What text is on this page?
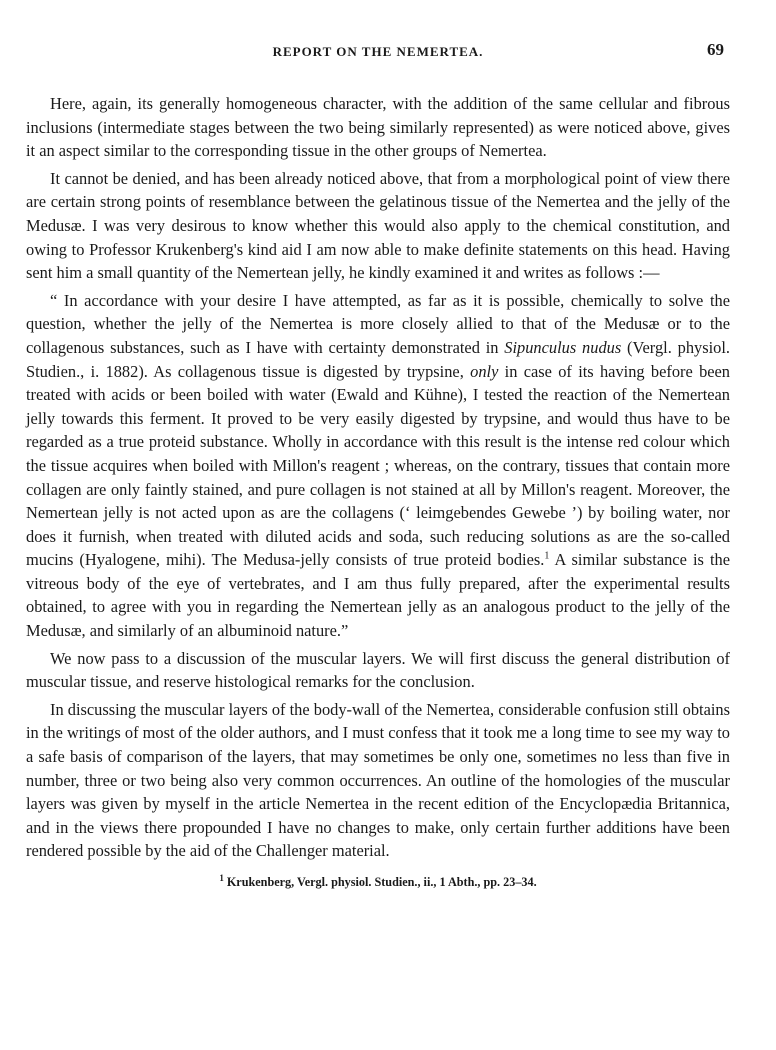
REPORT ON THE NEMERTEA.	69

Here, again, its generally homogeneous character, with the addition of the same cellular and fibrous inclusions (intermediate stages between the two being similarly represented) as were noticed above, gives it an aspect similar to the corresponding tissue in the other groups of Nemertea.

It cannot be denied, and has been already noticed above, that from a morphological point of view there are certain strong points of resemblance between the gelatinous tissue of the Nemertea and the jelly of the Medusæ. I was very desirous to know whether this would also apply to the chemical constitution, and owing to Professor Krukenberg's kind aid I am now able to make definite statements on this head. Having sent him a small quantity of the Nemertean jelly, he kindly examined it and writes as follows :—

“ In accordance with your desire I have attempted, as far as it is possible, chemically to solve the question, whether the jelly of the Nemertea is more closely allied to that of the Medusæ or to the collagenous substances, such as I have with certainty demonstrated in Sipunculus nudus (Vergl. physiol. Studien., i. 1882). As collagenous tissue is digested by trypsine, only in case of its having before been treated with acids or been boiled with water (Ewald and Kühne), I tested the reaction of the Nemertean jelly towards this ferment. It proved to be very easily digested by trypsine, and would thus have to be regarded as a true proteid substance. Wholly in accordance with this result is the intense red colour which the tissue acquires when boiled with Millon's reagent ; whereas, on the contrary, tissues that contain more collagen are only faintly stained, and pure collagen is not stained at all by Millon's reagent. Moreover, the Nemertean jelly is not acted upon as are the collagens (‘ leimgebendes Gewebe ’) by boiling water, nor does it furnish, when treated with diluted acids and soda, such reducing solutions as are the so-called mucins (Hyalogene, mihi). The Medusa-jelly consists of true proteid bodies.$^1$ A similar substance is the vitreous body of the eye of vertebrates, and I am thus fully prepared, after the experimental results obtained, to agree with you in regarding the Nemertean jelly as an analogous product to the jelly of the Medusæ, and similarly of an albuminoid nature.”

We now pass to a discussion of the muscular layers. We will first discuss the general distribution of muscular tissue, and reserve histological remarks for the conclusion.

In discussing the muscular layers of the body-wall of the Nemertea, considerable confusion still obtains in the writings of most of the older authors, and I must confess that it took me a long time to see my way to a safe basis of comparison of the layers, that may sometimes be only one, sometimes no less than five in number, three or two being also very common occurrences. An outline of the homologies of the muscular layers was given by myself in the article Nemertea in the recent edition of the Encyclopædia Britannica, and in the views there propounded I have no changes to make, only certain further additions have been rendered possible by the aid of the Challenger material.

$^1$ Krukenberg, Vergl. physiol. Studien., ii., 1 Abth., pp. 23–34.
